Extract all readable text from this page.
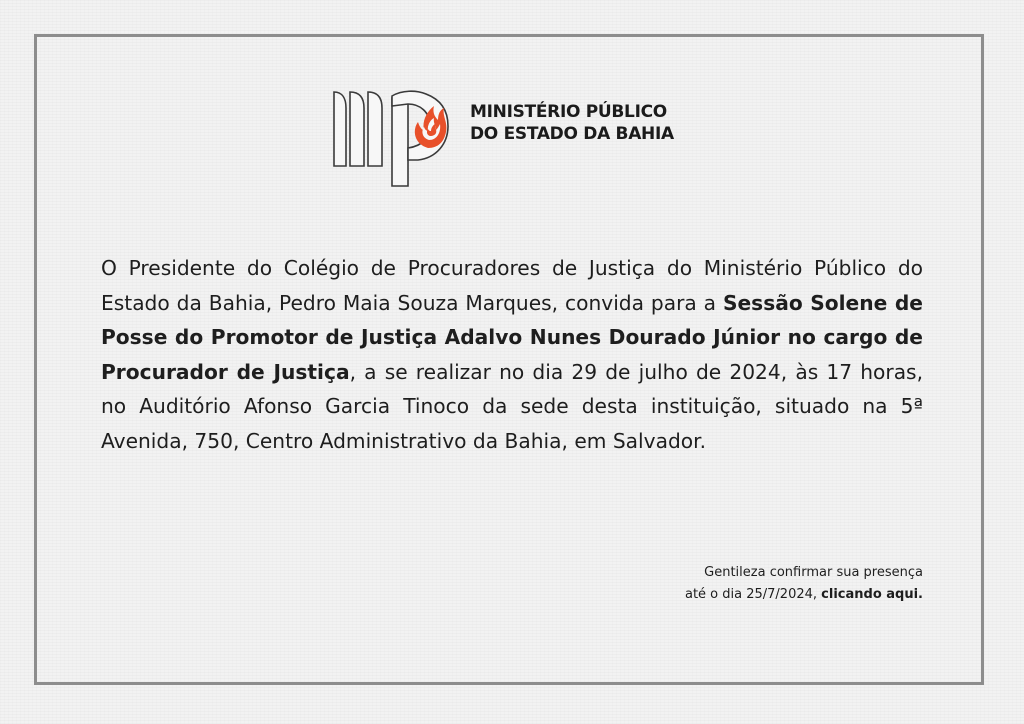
MINISTÉRIO PÚBLICO
DO ESTADO DA BAHIA

O Presidente do Colégio de Procuradores de Justiça do Ministério Público do Estado da Bahia, Pedro Maia Souza Marques, convida para a Sessão Solene de Posse do Promotor de Justiça Adalvo Nunes Dourado Júnior no cargo de Procurador de Justiça, a se realizar no dia 29 de julho de 2024, às 17 horas, no Auditório Afonso Garcia Tinoco da sede desta instituição, situado na 5ª Avenida, 750, Centro Administrativo da Bahia, em Salvador.

Gentileza confirmar sua presença
até o dia 25/7/2024, clicando aqui.
